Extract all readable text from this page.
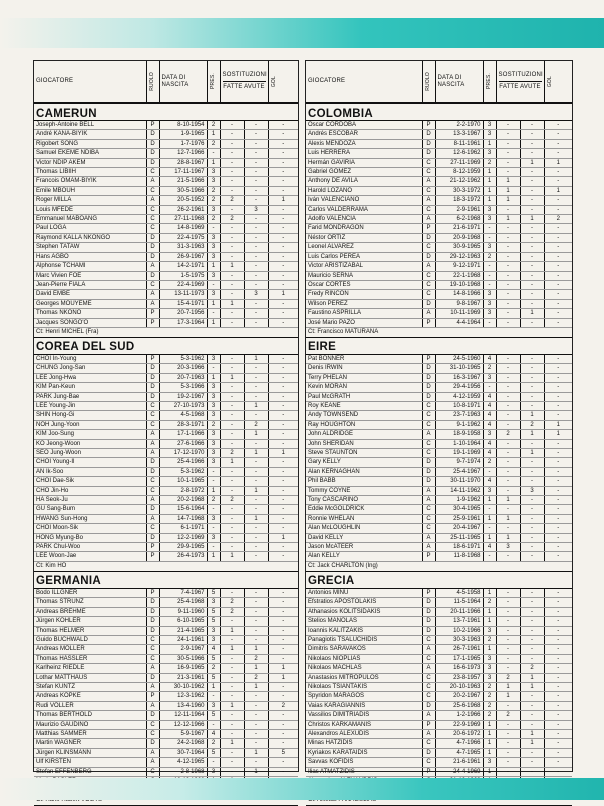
GIOCATORE	RUOLO	DATA DI NASCITA	PRES.	SOSTITUZIONI
FATTE AVUTE		GOL

CAMERUN						
Joseph-Antoine BELL	P	8-10-1954	2	-	-	-
André KANA-BIYIK	D	1-9-1965	1	-	-	-
Rigobert SONG	D	1-7-1976	2	-	-	-
Samuel EKEME NDIBA	D	12-7-1966	-	-	-	-
Victor NDIP AKEM	D	28-8-1967	1	-	-	-
Thomas LIBIIH	C	17-11-1967	3	-	-	-
Francois OMAM-BIYIK	A	21-5-1966	3	-	-	-
Emile MBOUH	C	30-5-1966	2	-	-	-
Roger MILLA	A	20-5-1952	2	2	-	1
Louis MFEDE	C	26-2-1961	3	-	3	-
Emmanuel MABOANG	C	27-11-1968	2	2	-	-
Paul LOGA	C	14-8-1969	-	-	-	-
Raymond KALLA NKONGO	D	22-4-1975	3	-	-	-
Stephen TATAW	D	31-3-1963	3	-	-	-
Hans AGBO	D	26-9-1967	3	-	-	-
Alphonse TCHAMI	A	14-2-1971	1	1	-	-
Marc Vivien FOE	D	1-5-1975	3	-	-	-
Jean-Pierre FIALA	C	22-4-1969	-	-	-	-
David EMBE	A	13-11-1973	3	-	3	1
Georges MOUYEME	A	15-4-1971	1	1	-	-
Thomas NKONO	P	20-7-1956	-	-	-	-
Jacques SONGO'O	P	17-3-1964	1	-	-	-
Ct: Henri MICHEL (Fra)						
COREA DEL SUD						
CHOI In-Young	P	5-3-1962	3	-	1	-
CHUNG Jong-San	D	20-3-1966	-	-	-	-
LEE Jong-Hwa	D	20-7-1963	1	1	-	-
KIM Pan-Keun	D	5-3-1966	3	-	-	-
PARK Jung-Bae	D	19-2-1967	3	-	-	-
LEE Young-Jin	C	27-10-1973	3	-	1	-
SHIN Hong-Gi	C	4-5-1968	3	-	-	-
NOH Jung-Yoon	C	28-3-1971	2	-	2	-
KIM Joo-Sung	A	17-1-1966	3	-	1	-
KO Jeong-Woon	A	27-6-1966	3	-	-	-
SEO Jung-Woon	A	17-12-1970	3	2	1	1
CHOI Young-Il	D	25-4-1966	3	1	-	-
AN Ik-Soo	D	5-3-1962	-	-	-	-
CHOI Dae-Sik	C	10-1-1965	-	-	-	-
CHO Jin-Ho	C	2-8-1972	1	-	1	-
HA Seok-Ju	A	20-2-1968	2	2	-	-
GU Sang-Bum	D	15-6-1964	-	-	-	-
HWANG Sun-Hong	A	14-7-1968	3	-	1	-
CHOI Moon-Sik	C	6-1-1971	-	-	-	-
HONG Myung-Bo	D	12-2-1969	3	-	-	1
PARK Chul-Woo	P	29-9-1965	-	-	-	-
LEE Woon-Jae	P	26-4-1973	1	1	-	-
Ct: Kim HO						
GERMANIA						
Bodo ILLGNER	P	7-4-1967	5	-	-	-
Thomas STRUNZ	D	25-4-1968	3	2	-	-
Andreas BREHME	D	9-11-1960	5	2	-	-
Jürgen KOHLER	D	6-10-1965	5	-	-	-
Thomas HELMER	D	21-4-1965	3	1	-	-
Guido BUCHWALD	C	24-1-1961	3	-	-	-
Andreas MÖLLER	C	2-9-1967	4	1	1	-
Thomas HÄSSLER	C	30-5-1966	5	-	2	-
Karlheinz RIEDLE	A	16-9-1965	2	-	1	1
Lothar MATTHÄUS	D	21-3-1961	5	-	2	1
Stefan KUNTZ	A	30-10-1962	1	-	1	-
Andreas KÖPKE	P	12-3-1962	-	-	-	-
Rudi VÖLLER	A	13-4-1960	3	1	-	2
Thomas BERTHOLD	D	12-11-1964	5	-	-	-
Maurizio GAUDINO	C	12-12-1966	-	-	-	-
Matthias SAMMER	C	5-9-1967	4	-	-	-
Martin WAGNER	D	24-2-1968	2	1	-	-
Jürgen KLINSMANN	A	30-7-1964	5	-	1	5
Ulf KIRSTEN	A	4-12-1965	-	-	-	-
Stefan EFFENBERG	C	2-8-1968	3	-	1	-

GIOCATORE	RUOLO	DATA DI NASCITA	PRES.	SOSTITUZIONI
FATTE AVUTE		GOL

COLOMBIA						
Oscar CORDOBA	P	2-2-1970	3	-	-	-
Andrés ESCOBAR	D	13-3-1967	3	-	-	-
Alexis MENDOZA	D	8-11-1961	1	-	-	-
Luis HERRERA	D	12-6-1962	3	-	-	-
Hermán GAVIRIA	C	27-11-1969	2	-	1	1
Gabriel GOMEZ	C	8-12-1959	1	-	-	-
Anthony DE AVILA	A	21-12-1962	1	1	-	-
Harold LOZANO	C	30-3-1972	1	1	-	1
Iván VALENCIANO	A	18-3-1972	1	1	-	-
Carlos VALDERRAMA	C	2-9-1961	3	-	-	-
Adolfo VALENCIA	A	6-2-1968	3	1	1	2
Farid MONDRAGON	P	21-6-1971	-	-	-	-
Néstor ORTIZ	D	20-9-1968	-	-	-	-
Leonel ALVAREZ	C	30-9-1965	3	-	-	-
Luis Carlos PEREA	D	29-12-1963	2	-	-	-
Victor ARISTIZABAL	A	9-12-1971	-	-	-	-
Mauricio SERNA	C	22-1-1968	-	-	-	-
Oscar CORTES	C	19-10-1968	-	-	-	-
Fredy RINCON	C	14-8-1966	3	-	-	-
Wilson PEREZ	D	9-8-1967	3	-	-	-
Faustino ASPRILLA	A	10-11-1969	3	-	1	-
José Mario PAZO	P	4-4-1964	-	-	-	-
Ct: Francisco MATURANA						
EIRE						
Pat BONNER	P	24-5-1960	4	-	-	-
Denis IRWIN	D	31-10-1965	2	-	-	-
Terry PHELAN	D	16-3-1967	3	-	-	-
Kevin MORAN	D	29-4-1956	-	-	-	-
Paul McGRATH	D	4-12-1959	4	-	-	-
Roy KEANE	C	10-8-1971	4	-	-	-
Andy TOWNSEND	C	23-7-1963	4	-	1	-
Ray HOUGHTON	C	9-1-1962	4	-	2	1
John ALDRIDGE	A	18-9-1958	3	2	1	1
John SHERIDAN	C	1-10-1964	4	-	-	-
Steve STAUNTON	C	19-1-1969	4	-	1	-
Gary KELLY	D	9-7-1974	2	-	-	-
Alan KERNAGHAN	D	25-4-1967	-	-	-	-
Phil BABB	D	30-11-1970	4	-	-	-
Tommy COYNE	A	14-11-1962	3	-	3	-
Tony CASCARINO	A	1-9-1962	1	1	-	-
Eddie McGOLDRICK	C	30-4-1965	-	-	-	-
Ronnie WHELAN	C	25-9-1961	1	1	-	-
Alan McLOUGHLIN	C	20-4-1967	-	-	-	-
David KELLY	A	25-11-1965	1	1	-	-
Jason McATEER	A	18-6-1971	4	3	-	-
Alan KELLY	P	11-8-1968	-	-	-	-
Ct: Jack CHARLTON (Ing)						
GRECIA						
Antonios MINU	P	4-5-1958	1	-	-	-
Efstratios APOSTOLAKIS	D	11-5-1964	2	-	-	-
Athanasios KOLITSIDAKIS	D	20-11-1966	1	-	-	-
Stelios MANOLAS	D	13-7-1961	1	-	-	-
Ioannis KALITZAKIS	D	10-2-1966	3	-	-	-
Panagiotis TSALUCHIDIS	C	30-3-1963	2	-	-	-
Dimitris SARAVAKOS	A	26-7-1961	1	-	-	-
Nikolaos NIOPLIAS	C	17-1-1965	3	-	-	-
Nikolaos MACHLAS	A	16-6-1973	3	-	2	-
Anastasios MITROPULOS	C	23-8-1957	3	2	1	-
Nikolaos TSIANTAKIS	C	20-10-1963	2	1	1	-
Spyridon MARAGOS	C	20-2-1967	2	1	-	-
Vaias KARAGIANNIS	D	25-6-1968	2	-	-	-
Vassilios DIMITRIADIS	A	1-2-1966	2	2	-	-
Christos KARKAMANIS	P	22-9-1969	1	-	-	-
Alexandros ALEXUDIS	A	20-6-1972	1	-	1	-
Minas HATZIDIS	C	4-7-1966	1	-	1	-
Kyriakos KARATAIDIS	D	4-7-1965	1	-	-	-
Savvas KOFIDIS	C	21-6-1961	3	-	-	-
Ilias ATMATZIDIS	P	24-4-1969	1	-	-	-
